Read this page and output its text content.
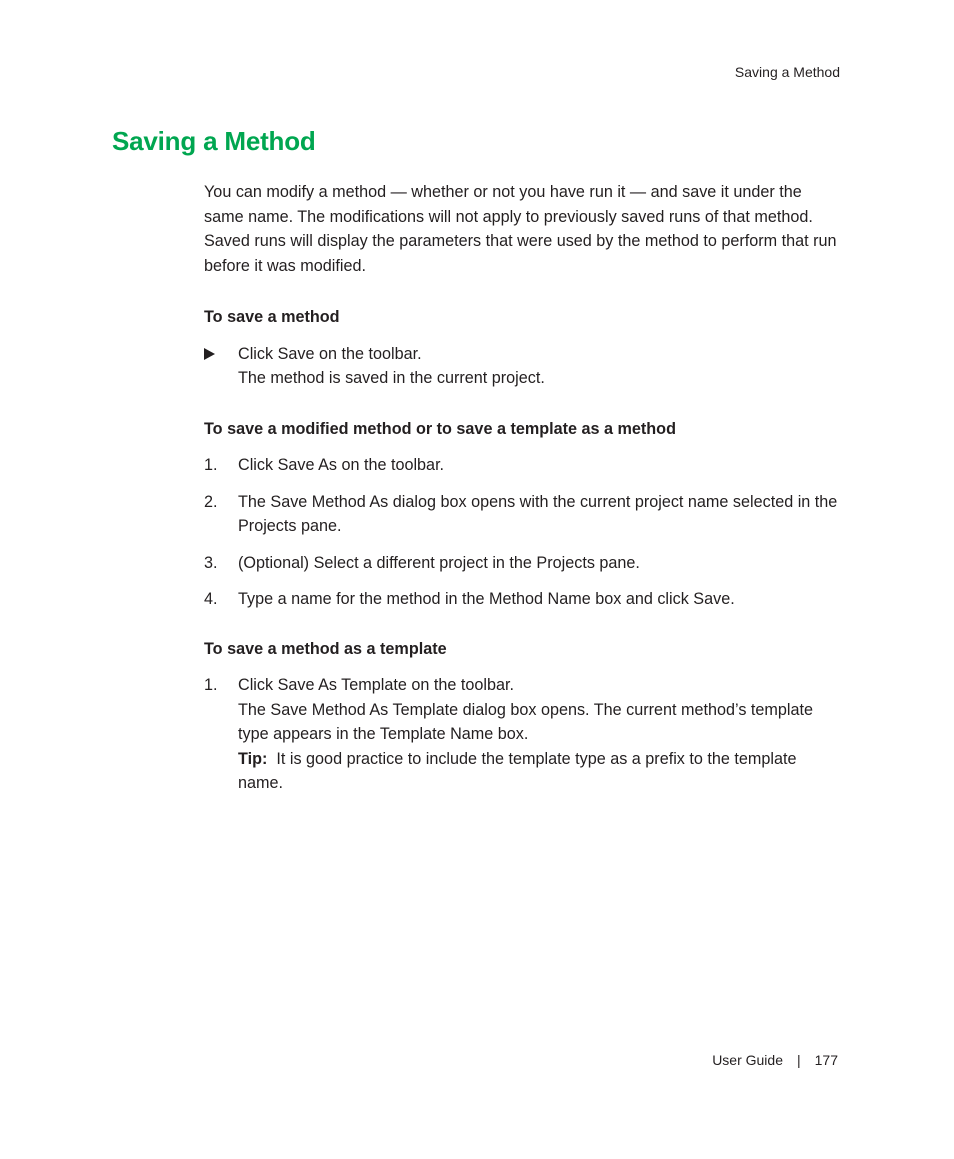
Saving a Method
Saving a Method

You can modify a method — whether or not you have run it — and save it under the same name. The modifications will not apply to previously saved runs of that method. Saved runs will display the parameters that were used by the method to perform that run before it was modified.

To save a method

Click Save on the toolbar.

The method is saved in the current project.

To save a modified method or to save a template as a method

1. Click Save As on the toolbar.
2. The Save Method As dialog box opens with the current project name selected in the Projects pane.
3. (Optional) Select a different project in the Projects pane.
4. Type a name for the method in the Method Name box and click Save.

To save a method as a template

1. Click Save As Template on the toolbar.

The Save Method As Template dialog box opens. The current method’s template type appears in the Template Name box.

Tip: It is good practice to include the template type as a prefix to the template name.

User Guide | 177
